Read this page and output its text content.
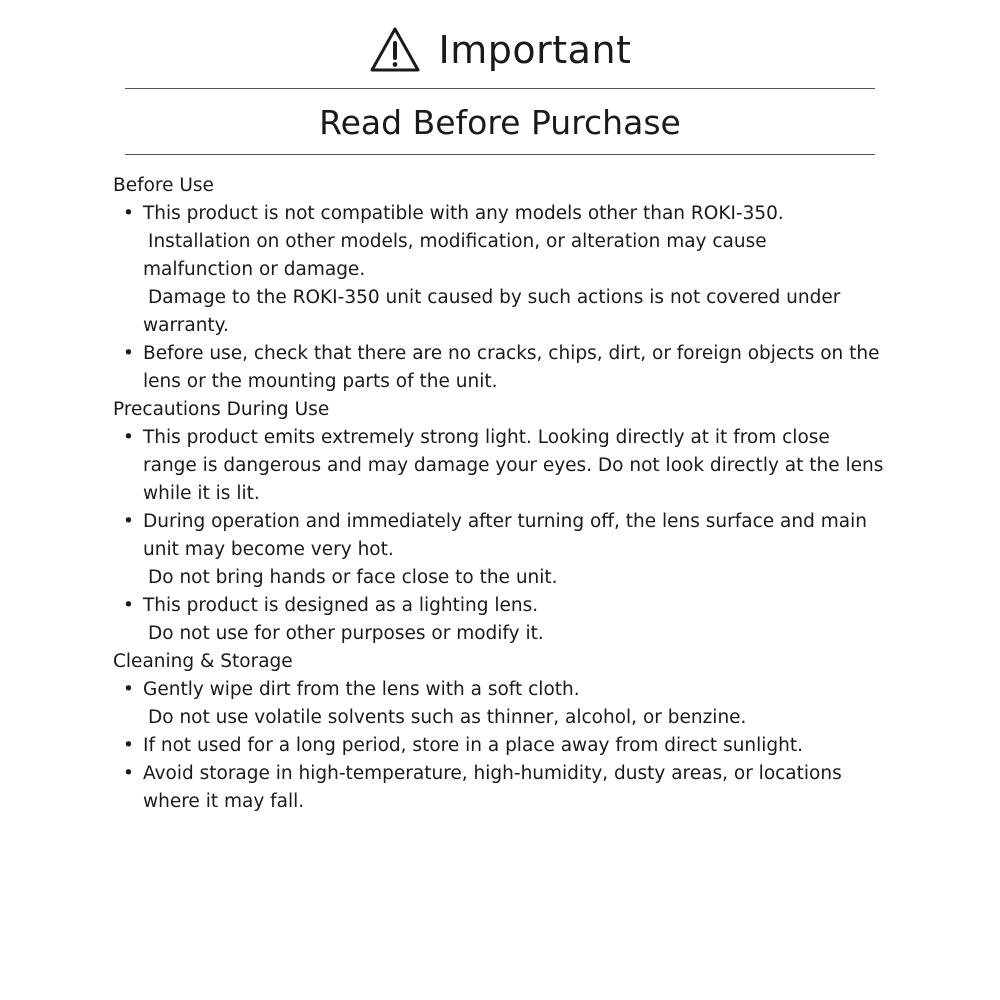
Important
Read Before Purchase
Before Use
• This product is not compatible with any models other than ROKI-350.
Installation on other models, modification, or alteration may cause
malfunction or damage.
Damage to the ROKI-350 unit caused by such actions is not covered under
warranty.
• Before use, check that there are no cracks, chips, dirt, or foreign objects on the
lens or the mounting parts of the unit.
Precautions During Use
• This product emits extremely strong light. Looking directly at it from close
range is dangerous and may damage your eyes. Do not look directly at the lens
while it is lit.
• During operation and immediately after turning off, the lens surface and main
unit may become very hot.
Do not bring hands or face close to the unit.
• This product is designed as a lighting lens.
Do not use for other purposes or modify it.
Cleaning & Storage
• Gently wipe dirt from the lens with a soft cloth.
Do not use volatile solvents such as thinner, alcohol, or benzine.
• If not used for a long period, store in a place away from direct sunlight.
• Avoid storage in high-temperature, high-humidity, dusty areas, or locations
where it may fall.
